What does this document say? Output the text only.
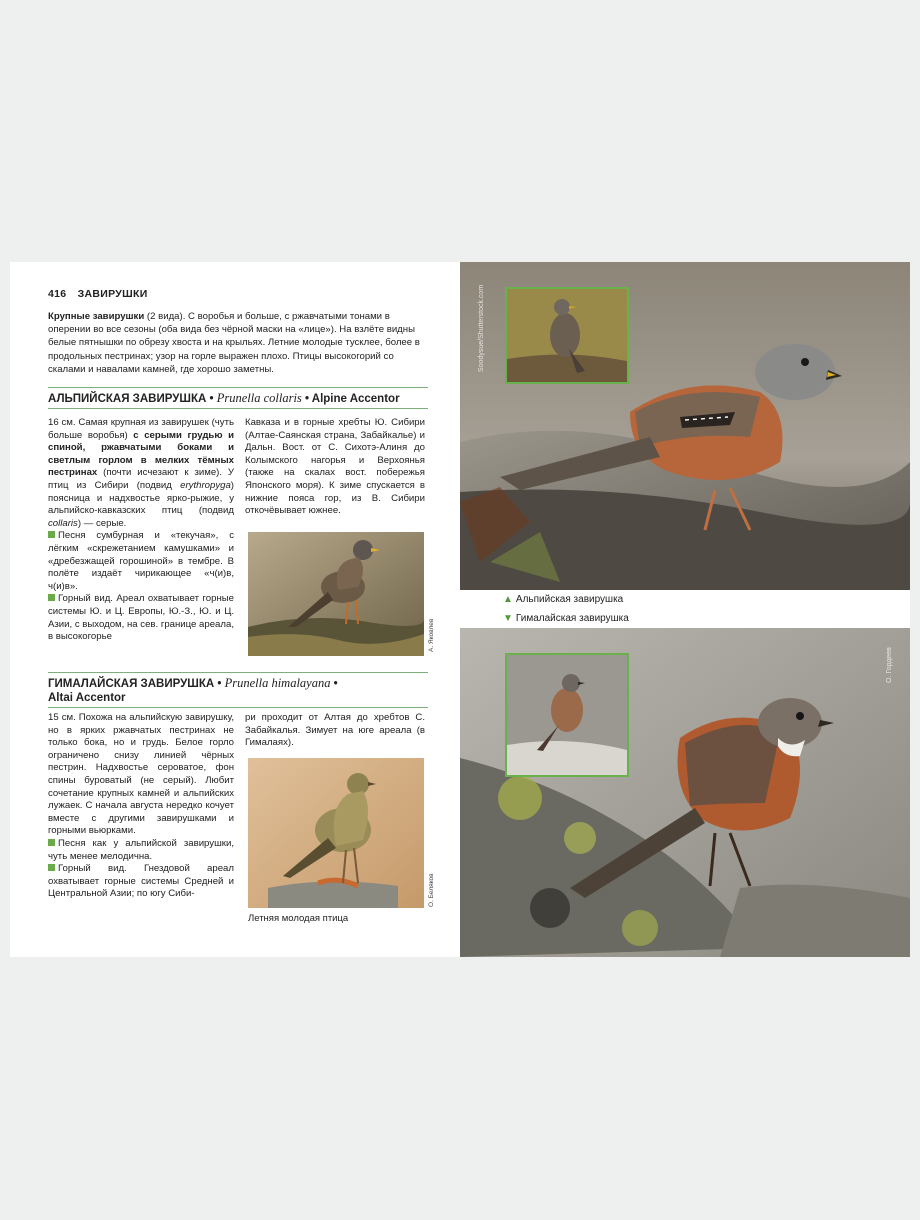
416 ЗАВИРУШКИ
Крупные завирушки (2 вида). С воробья и больше, с ржавчатыми тонами в оперении во все сезоны (оба вида без чёрной маски на «лице»). На взлёте видны белые пятнышки по обрезу хвоста и на крыльях. Летние молодые тусклее, более в продольных пестринах; узор на горле выражен плохо. Птицы высокогорий со скалами и навалами камней, где хорошо заметны.
АЛЬПИЙСКАЯ ЗАВИРУШКА • Prunella collaris • Alpine Accentor
16 см. Самая крупная из завирушек (чуть больше воробья) с серыми грудью и спиной, ржавчатыми боками и светлым горлом в мелких тёмных пестринах (почти исчезают к зиме). У птиц из Сибири (подвид erythropyga) поясница и надхвостье ярко-рыжие, у альпийско-кавказских птиц (подвид collaris) — серые.
Песня сумбурная и «текучая», с лёгким «скрежетанием камушками» и «дребезжащей горошиной» в тембре. В полёте издаёт чирикающее «ч(и)в, ч(и)в».
Горный вид. Ареал охватывает горные системы Ю. и Ц. Европы, Ю.-З., Ю. и Ц. Азии, с выходом, на сев. границе ареала, в высокогорье
Кавказа и в горные хребты Ю. Сибири (Алтае-Саянская страна, Забайкалье) и Дальн. Вост. от С. Сихотэ-Алиня до Колымского нагорья и Верхоянья (также на скалах вост. побережья Японского моря). К зиме спускается в нижние пояса гор, из В. Сибири откочёвывает южнее.
А. Яковлев
ГИМАЛАЙСКАЯ ЗАВИРУШКА • Prunella himalayana •
Altai Accentor
15 см. Похожа на альпийскую завирушку, но в ярких ржавчатых пестринах не только бока, но и грудь. Белое горло ограничено снизу линией чёрных пестрин. Надхвостье сероватое, фон спины буроватый (не серый). Любит сочетание крупных камней и альпийских лужаек. С начала августа нередко кочует вместе с другими завирушками и горными вьюрками.
Песня как у альпийской завирушки, чуть менее мелодична.
Горный вид. Гнездовой ареал охватывает горные системы Средней и Центральной Азии; по югу Сиби-
ри проходит от Алтая до хребтов С. Забайкалья. Зимует на юге ареала (в Гималаях).
О. Беляков
Летняя молодая птица
Soodysue/Shutterstock.com
▲ Альпийская завирушка
▼ Гималайская завирушка
О. Гордеев
